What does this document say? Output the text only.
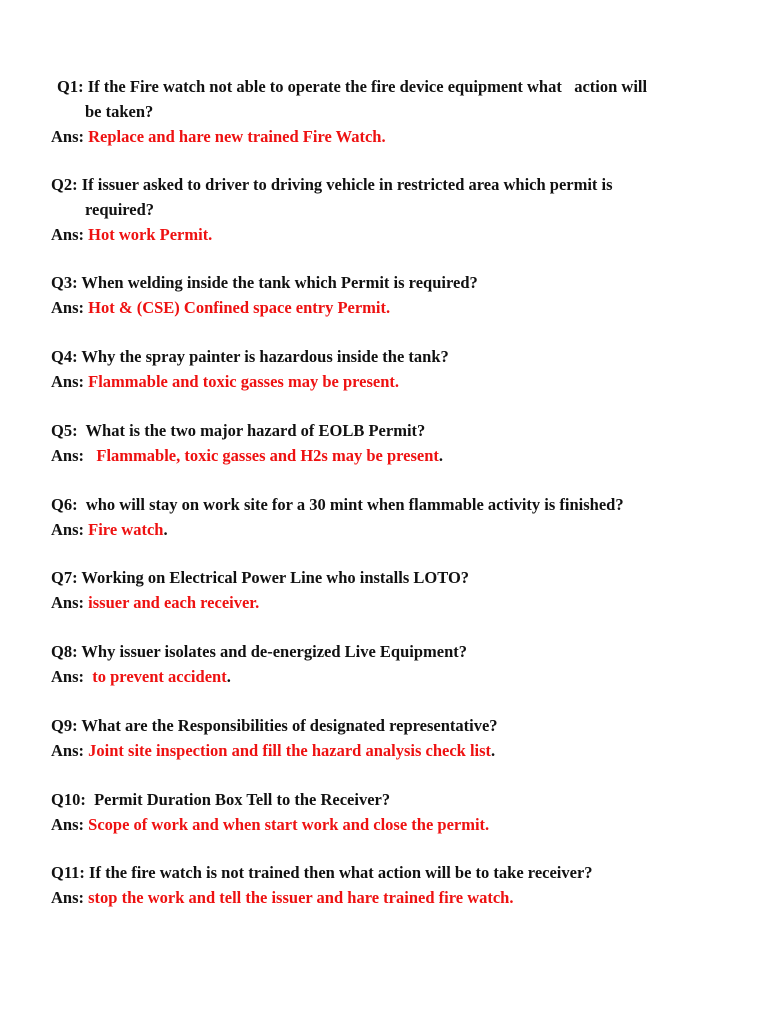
Q1: If the Fire watch not able to operate the fire device equipment what   action will
be taken?
Ans: Replace and hare new trained Fire Watch.
Q2: If issuer asked to driver to driving vehicle in restricted area which permit is
required?
Ans: Hot work Permit.
Q3: When welding inside the tank which Permit is required?
Ans: Hot & (CSE) Confined space entry Permit.
Q4: Why the spray painter is hazardous inside the tank?
Ans: Flammable and toxic gasses may be present.
Q5:  What is the two major hazard of EOLB Permit?
Ans:   Flammable, toxic gasses and H2s may be present.
Q6:  who will stay on work site for a 30 mint when flammable activity is finished?
Ans: Fire watch.
Q7: Working on Electrical Power Line who installs LOTO?
Ans: issuer and each receiver.
Q8: Why issuer isolates and de-energized Live Equipment?
Ans:  to prevent accident.
Q9: What are the Responsibilities of designated representative?
Ans: Joint site inspection and fill the hazard analysis check list.
Q10:  Permit Duration Box Tell to the Receiver?
Ans: Scope of work and when start work and close the permit.
Q11: If the fire watch is not trained then what action will be to take receiver?
Ans: stop the work and tell the issuer and hare trained fire watch.
